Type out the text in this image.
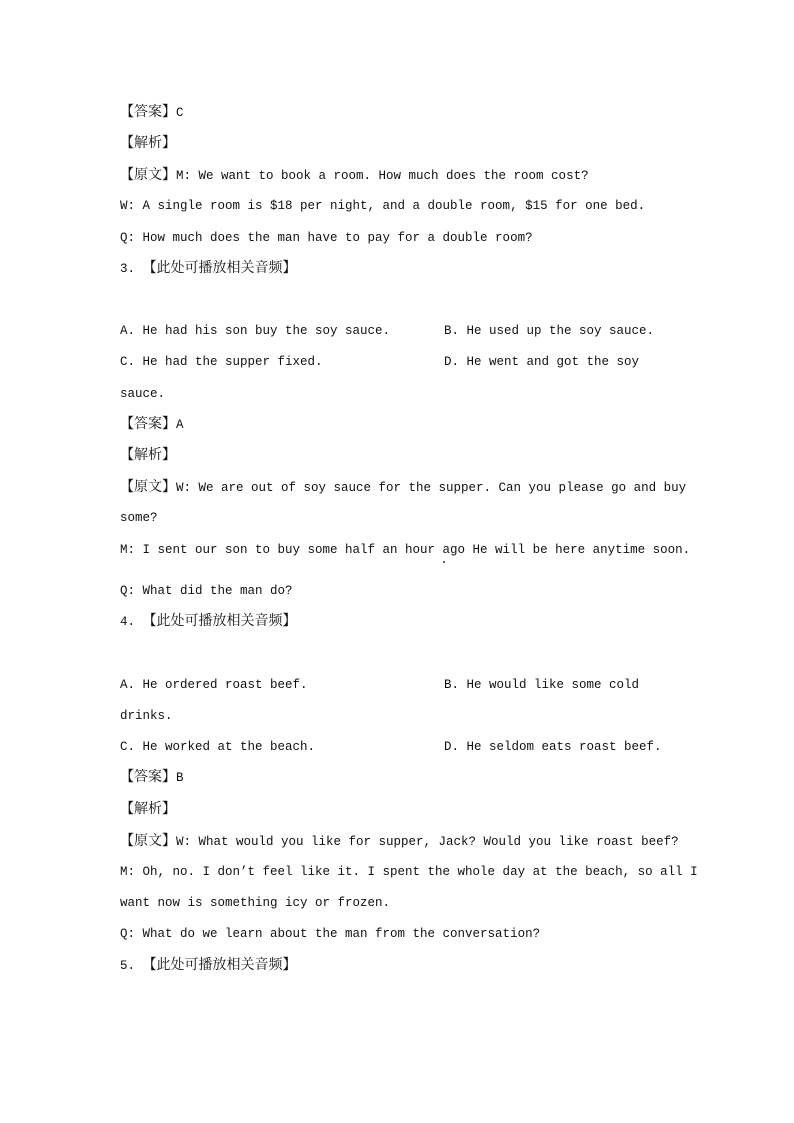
【答案】C
【解析】
【原文】M: We want to book a room. How much does the room cost?
W: A single room is $18 per night, and a double room, $15 for one bed.
Q: How much does the man have to pay for a double room?
3. 【此处可播放相关音频】
A. He had his son buy the soy sauce.	B. He used up the soy sauce.
C. He had the supper fixed.	D. He went and got the soy
sauce.
【答案】A
【解析】
【原文】W: We are out of soy sauce for the supper. Can you please go and buy
some?
M: I sent our son to buy some half an hour ago He will be here anytime soon.
Q: What did the man do?
4. 【此处可播放相关音频】
A. He ordered roast beef.	B. He would like some cold
drinks.
C. He worked at the beach.	D. He seldom eats roast beef.
【答案】B
【解析】
【原文】W: What would you like for supper, Jack? Would you like roast beef?
M: Oh, no. I don’t feel like it. I spent the whole day at the beach, so all I
want now is something icy or frozen.
Q: What do we learn about the man from the conversation?
5. 【此处可播放相关音频】
